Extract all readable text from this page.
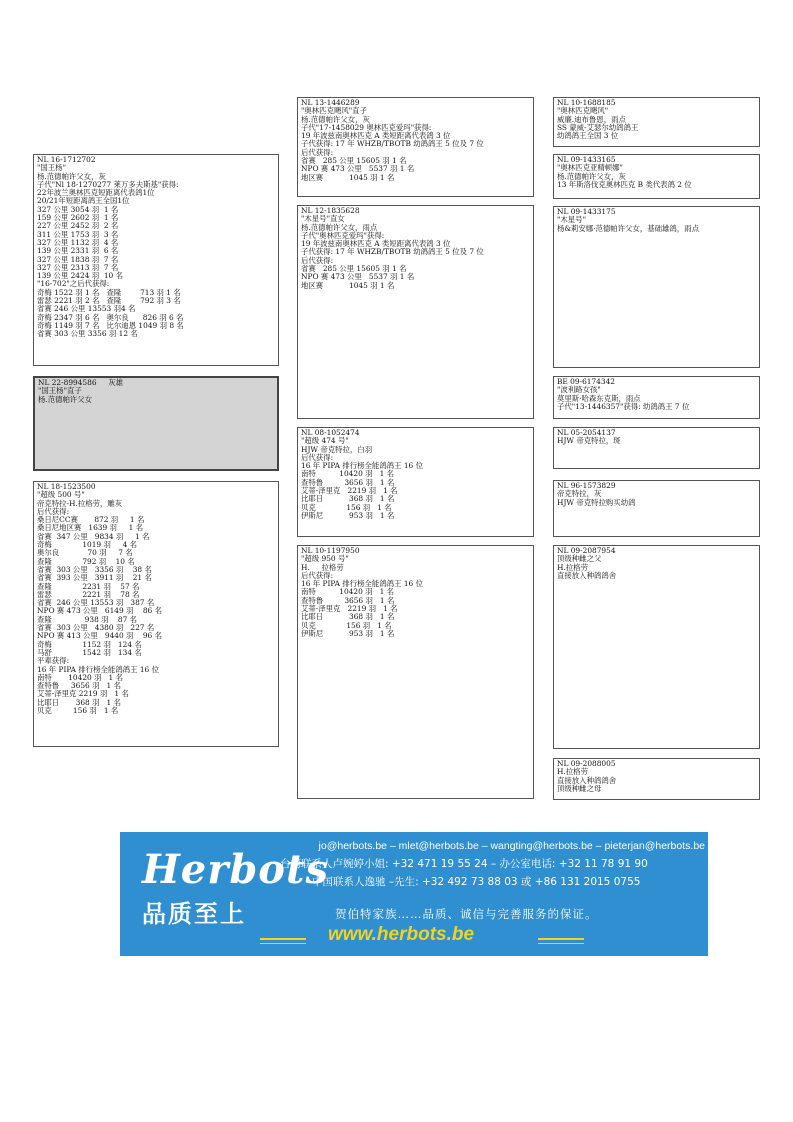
NL 16-1712702
"国王杨"
杨.范德帕许父女，灰
子代"Nl 18-1270277 莱万多夫斯基"获得:
22年波兰奥林匹克短距离代表鸽1位
20/21年短距离鸽王全国1位
327 公里 3054 羽  1 名
159 公里 2602 羽  1 名
227 公里 2452 羽  2 名
311 公里 1753 羽  3 名
327 公里 1132 羽  4 名
139 公里 2331 羽  6 名
327 公里 1838 羽  7 名
327 公里 2313 羽  7 名
139 公里 2424 羽  10 名
"16-702"之后代获得:
奇梅 1522 羽 1 名   查隆        713 羽 1 名
雷瑟 2221 羽 2 名   查隆        792 羽 3 名
省赛 246 公里 13553 羽4 名
奇梅 2347 羽 6 名   奥尔良      826 羽 6 名
奇梅 1149 羽 7 名   比尔迪恩 1049 羽 8 名
省赛 303 公里 3356 羽 12 名
NL 22-8994586     灰雄
"国王杨"直子
杨.范德帕许父女
NL 18-1523500
"超级 500 号"
帝克特拉-H.拉格劳，雕灰
后代获得:
桑日尼CC赛       872 羽     1 名
桑日尼地区赛   1639 羽     1 名
省赛  347 公里   9834 羽     1 名
奇梅             1019 羽     4 名
奥尔良            70 羽     7 名
查隆             792 羽    10 名
省赛  303 公里   3356 羽    38 名
省赛  393 公里   3911 羽    21 名
查隆             2231 羽    57 名
雷瑟             2221 羽    78 名
省赛  246 公里 13553 羽   387 名
NPO 赛 473 公里   6149 羽    86 名
查隆              938 羽    87 名
省赛  303 公里   4380 羽   227 名
NPO 赛 413 公里   9440 羽    96 名
奇梅             1152 羽   124 名
马舒             1542 羽   134 名
平辈获得:
16 年 PIPA 排行榜全能鸽鸽王 16 位
南特       10420 羽   1 名
查特鲁     3656 羽   1 名
艾蒂-泽里克 2219 羽   1 名
比耶日       368 羽   1 名
贝克         156 羽   1 名
NL 13-1446289
"奥林匹克飓风"直子
杨.范德帕许父女，灰
子代"17-1458029 奥林匹克爱玛"获得:
19 年波兹南奥林匹克 A 类短距离代表鸽 3 位
子代获得: 17 年 WHZB/TBOTB 幼鸽鸽王 5 位及 7 位
后代获得:
省赛   285 公里 15605 羽 1 名
NPO 赛 473 公里   5537 羽 1 名
地区赛           1045 羽 1 名
NL 12-1835628
"木星号"直女
杨.范德帕许父女，雨点
子代"奥林匹克爱玛"获得:
19 年波兹南奥林匹克 A 类短距离代表鸽 3 位
子代获得: 17 年 WHZB/TBOTB 幼鸽鸽王 5 位及 7 位
后代获得:
省赛   285 公里 15605 羽 1 名
NPO 赛 473 公里   5537 羽 1 名
地区赛           1045 羽 1 名
NL 08-1052474
"超级 474 号"
HJW 帝克特拉，白羽
后代获得:
16 年 PIPA 排行榜全能鸽鸽王 16 位
南特          10420 羽   1 名
查特鲁         3656 羽   1 名
艾蒂-泽里克   2219 羽   1 名
比耶日           368 羽   1 名
贝克             156 羽   1 名
伊斯尼           953 羽   1 名
NL 10-1197950
"超级 950 号"
H.     拉格劳
后代获得:
16 年 PIPA 排行榜全能鸽鸽王 16 位
南特          10420 羽   1 名
查特鲁         3656 羽   1 名
艾蒂-泽里克   2219 羽   1 名
比耶日           368 羽   1 名
贝克             156 羽   1 名
伊斯尼           953 羽   1 名
NL 10-1688185
"奥林匹克飓风"
威廉.迪布鲁恩，雨点
SS 蒙威-艾瑟尔幼鸽鸽王
幼鸽鸽王全国 3 位
NL 09-1433165
"奥林匹克亚精顿娜"
杨.范德帕许父女，灰
13 年斯洛伐克奥林匹克 B 类代表鸽 2 位
NL 09-1433175
"木星号"
杨&莉安娜·范德帕许父女，基础雄鸽，雨点
BE 09-6174342
"波利路女孩"
莫里斯·哈森东克斯，雨点
子代"13-1446357"获得: 幼鸽鸽王 7 位
NL 05-2054137
HJW 帝克特拉，斑
NL 96-1573829
帝克特拉，灰
HJW 帝克特拉购买幼鸽
NL 09-2087954
顶级种雌之父
H.拉格劳
直接放入种鸽鸽舍
NL 09-2088005
H.拉格劳
直接放入种鸽鸽舍
顶级种雌之母
Herbots
品质至上
jo@herbots.be – mlet@herbots.be – wangting@herbots.be – pieterjan@herbots.be
台湾联系人卢婉婷小姐: +32 471 19 55 24 – 办公室电话: +32 11 78 91 90
中国联系人逸驰 –先生: +32 492 73 88 03 或 +86 131 2015 0755
贺伯特家族……品质、诚信与完善服务的保证。
www.herbots.be
